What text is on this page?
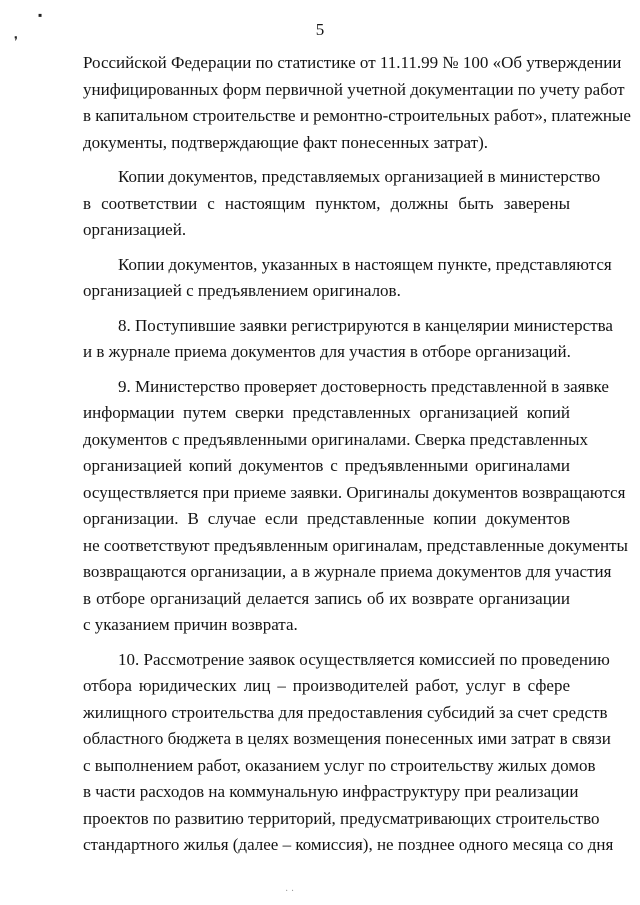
▪
❜
5
Российской Федерации по статистике от 11.11.99 № 100 «Об утверждении
унифицированных форм первичной учетной документации по учету работ
в капитальном строительстве и ремонтно-строительных работ», платежные
документы, подтверждающие факт понесенных затрат).
Копии документов, представляемых организацией в министерство
в соответствии с настоящим пунктом, должны быть заверены
организацией.
Копии документов, указанных в настоящем пункте, представляются
организацией с предъявлением оригиналов.
8. Поступившие заявки регистрируются в канцелярии министерства
и в журнале приема документов для участия в отборе организаций.
9. Министерство проверяет достоверность представленной в заявке
информации путем сверки представленных организацией копий
документов с предъявленными оригиналами. Сверка представленных
организацией копий документов с предъявленными оригиналами
осуществляется при приеме заявки. Оригиналы документов возвращаются
организации. В случае если представленные копии документов
не соответствуют предъявленным оригиналам, представленные документы
возвращаются организации, а в журнале приема документов для участия
в отборе организаций делается запись об их возврате организации
с указанием причин возврата.
10. Рассмотрение заявок осуществляется комиссией по проведению
отбора юридических лиц – производителей работ, услуг в сфере
жилищного строительства для предоставления субсидий за счет средств
областного бюджета в целях возмещения понесенных ими затрат в связи
с выполнением работ, оказанием услуг по строительству жилых домов
в части расходов на коммунальную инфраструктуру при реализации
проектов по развитию территорий, предусматривающих строительство
стандартного жилья (далее – комиссия), не позднее одного месяца со дня
· ·
